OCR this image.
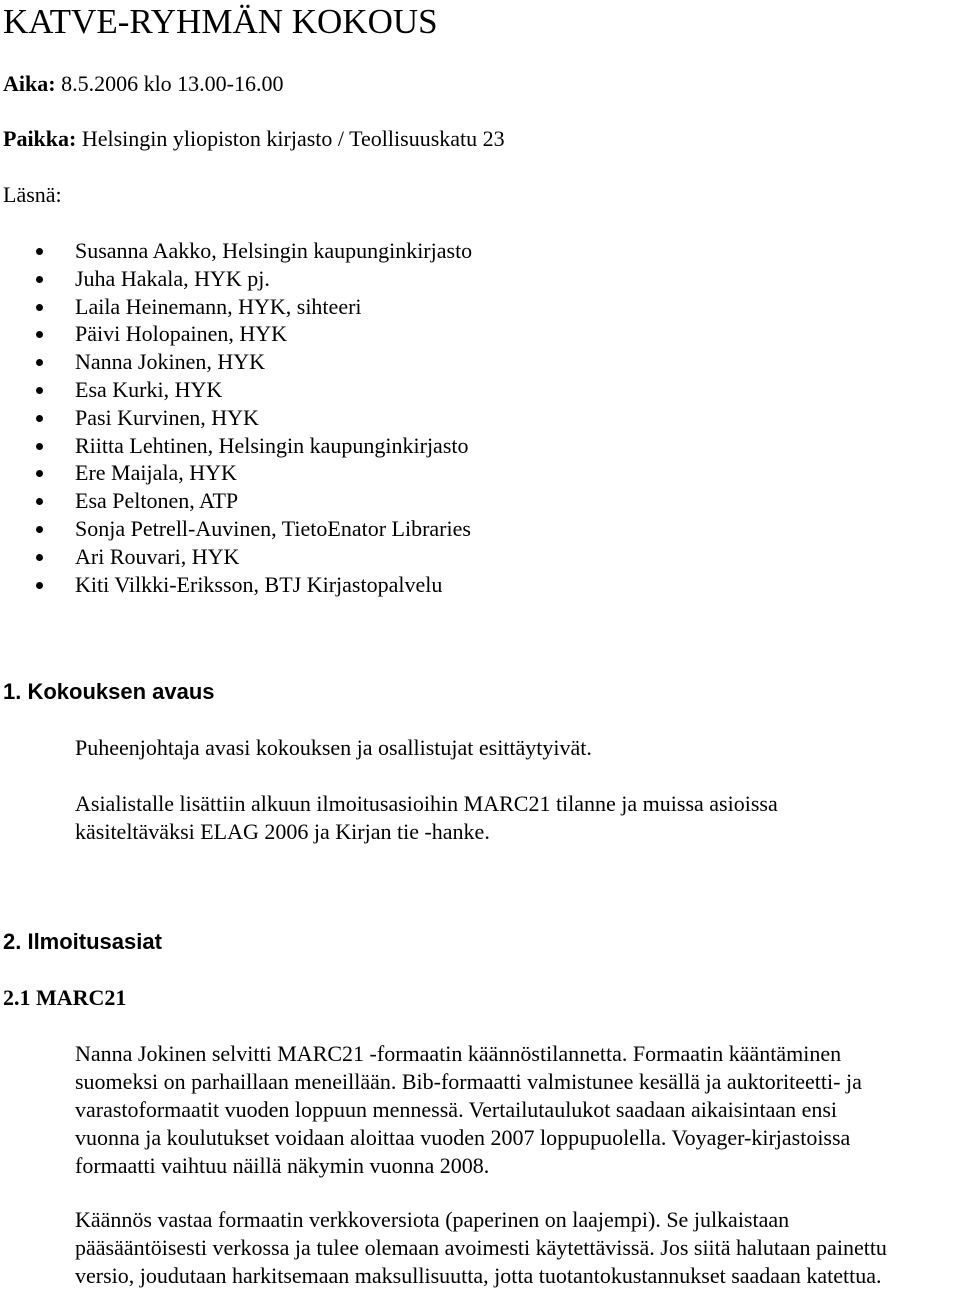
KATVE-RYHMÄN KOKOUS
Aika: 8.5.2006 klo 13.00-16.00
Paikka: Helsingin yliopiston kirjasto / Teollisuuskatu 23
Läsnä:
Susanna Aakko, Helsingin kaupunginkirjasto
Juha Hakala, HYK pj.
Laila Heinemann, HYK, sihteeri
Päivi Holopainen, HYK
Nanna Jokinen, HYK
Esa Kurki, HYK
Pasi Kurvinen, HYK
Riitta Lehtinen, Helsingin kaupunginkirjasto
Ere Maijala, HYK
Esa Peltonen, ATP
Sonja Petrell-Auvinen, TietoEnator Libraries
Ari Rouvari, HYK
Kiti Vilkki-Eriksson, BTJ Kirjastopalvelu
1. Kokouksen avaus
Puheenjohtaja avasi kokouksen ja osallistujat esittäytyivät.
Asialistalle lisättiin alkuun ilmoitusasioihin MARC21 tilanne ja muissa asioissa
käsiteltäväksi ELAG 2006 ja Kirjan tie -hanke.
2. Ilmoitusasiat
2.1 MARC21
Nanna Jokinen selvitti MARC21 -formaatin käännöstilannetta. Formaatin kääntäminen
suomeksi on parhaillaan meneillään. Bib-formaatti valmistunee kesällä ja auktoriteetti- ja
varastoformaatit vuoden loppuun mennessä. Vertailutaulukot saadaan aikaisintaan ensi
vuonna ja koulutukset voidaan aloittaa vuoden 2007 loppupuolella. Voyager-kirjastoissa
formaatti vaihtuu näillä näkymin vuonna 2008.
Käännös vastaa formaatin verkkoversiota (paperinen on laajempi). Se julkaistaan
pääsääntöisesti verkossa ja tulee olemaan avoimesti käytettävissä. Jos siitä halutaan painettu
versio, joudutaan harkitsemaan maksullisuutta, jotta tuotantokustannukset saadaan katettua.
